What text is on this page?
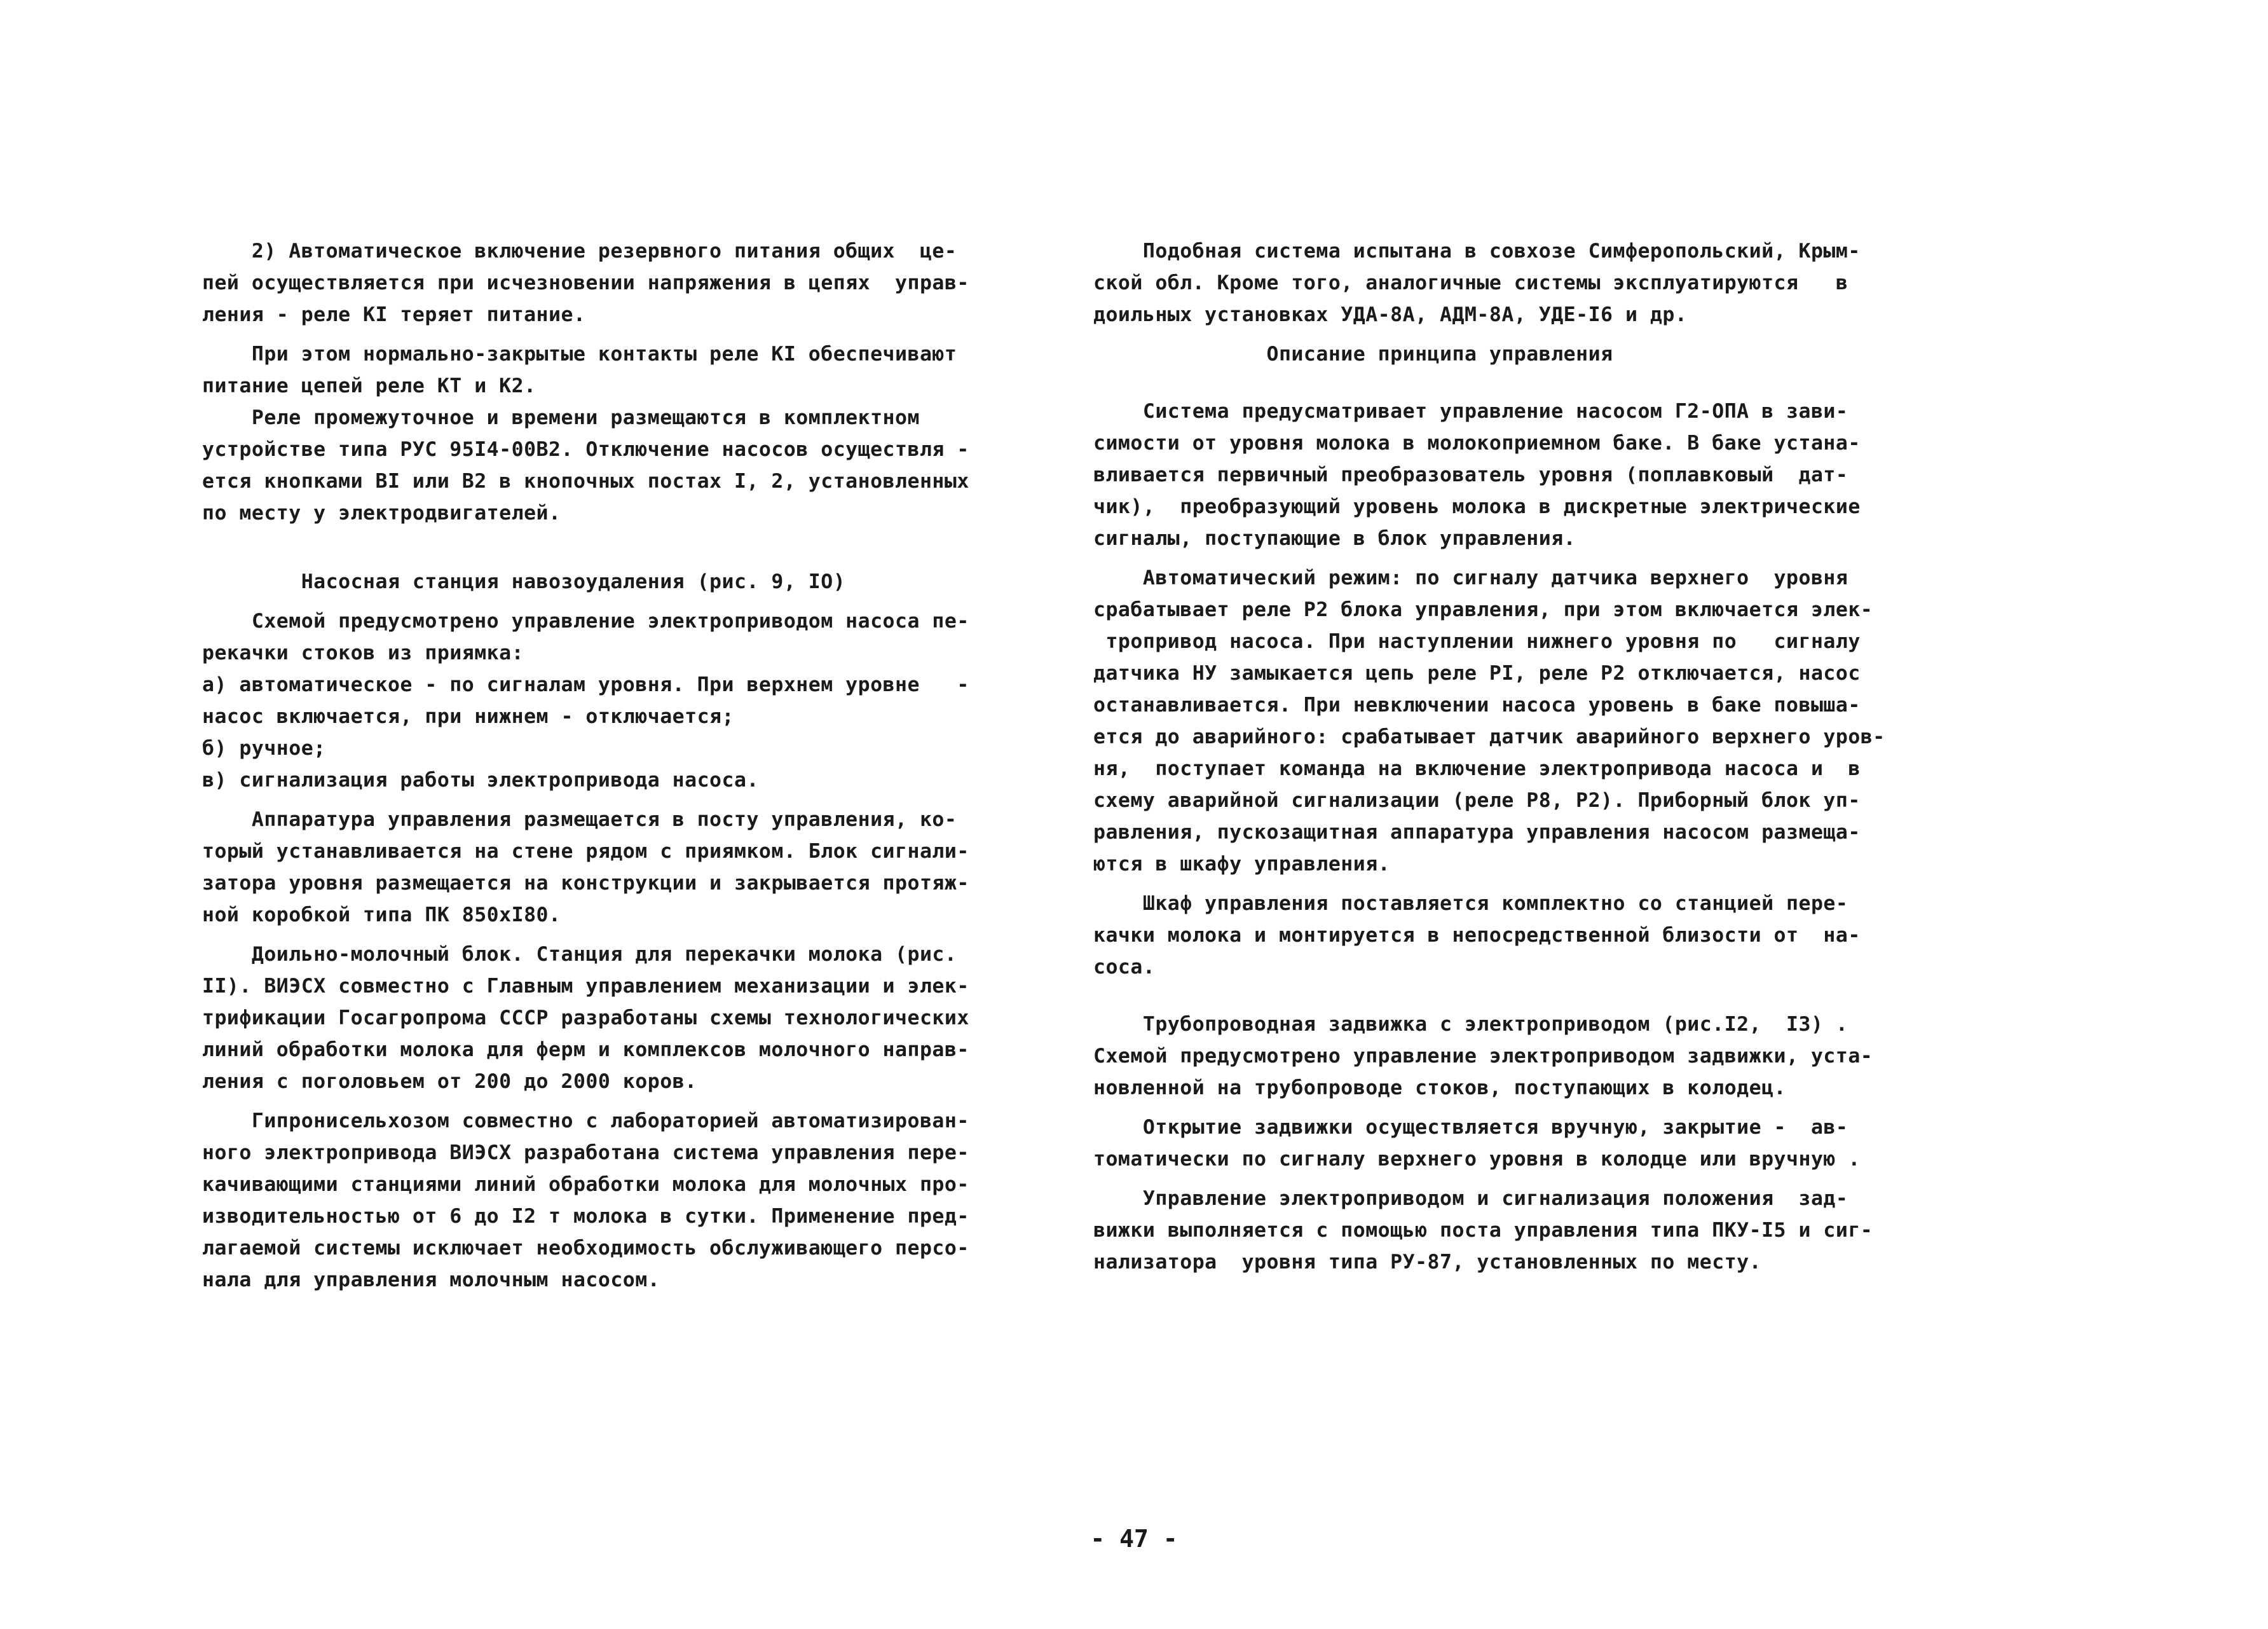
2) Автоматическое включение резервного питания общих  це-
пей осуществляется при исчезновении напряжения в цепях  управ-
ления - реле КI теряет питание.
При этом нормально-закрытые контакты реле КI обеспечивают
питание цепей реле КТ и К2.
Реле промежуточное и времени размещаются в комплектном
устройстве типа РУС 95I4-00В2. Отключение насосов осуществля -
ется кнопками ВI или В2 в кнопочных постах I, 2, установленных
по месту у электродвигателей.
Насосная станция навозоудаления (рис. 9, IO)
Схемой предусмотрено управление электроприводом насоса пе-
рекачки стоков из приямка:
а) автоматическое - по сигналам уровня. При верхнем уровне   -
насос включается, при нижнем - отключается;
б) ручное;
в) сигнализация работы электропривода насоса.
Аппаратура управления размещается в посту управления, ко-
торый устанавливается на стене рядом с приямком. Блок сигнали-
затора уровня размещается на конструкции и закрывается протяж-
ной коробкой типа ПК 850хI80.
Доильно-молочный блок. Станция для перекачки молока (рис.
II). ВИЭСХ совместно с Главным управлением механизации и элек-
трификации Госагропрома СССР разработаны схемы технологических
линий обработки молока для ферм и комплексов молочного направ-
ления с поголовьем от 200 до 2000 коров.
Гипронисельхозом совместно с лабораторией автоматизирован-
ного электропривода ВИЭСХ разработана система управления пере-
качивающими станциями линий обработки молока для молочных про-
изводительностью от 6 до I2 т молока в сутки. Применение пред-
лагаемой системы исключает необходимость обслуживающего персо-
нала для управления молочным насосом.
Подобная система испытана в совхозе Симферопольский, Крым-
ской обл. Кроме того, аналогичные системы эксплуатируются   в
доильных установках УДА-8А, АДМ-8А, УДЕ-I6 и др.
Описание принципа управления
Система предусматривает управление насосом Г2-ОПА в зави-
симости от уровня молока в молокоприемном баке. В баке устана-
вливается первичный преобразователь уровня (поплавковый  дат-
чик),  преобразующий уровень молока в дискретные электрические
сигналы, поступающие в блок управления.
Автоматический режим: по сигналу датчика верхнего  уровня
срабатывает реле Р2 блока управления, при этом включается элек-
тропривод насоса. При наступлении нижнего уровня по   сигналу
датчика НУ замыкается цепь реле РI, реле Р2 отключается, насос
останавливается. При невключении насоса уровень в баке повыша-
ется до аварийного: срабатывает датчик аварийного верхнего уров-
ня,  поступает команда на включение электропривода насоса и  в
схему аварийной сигнализации (реле Р8, Р2). Приборный блок уп-
равления, пускозащитная аппаратура управления насосом размеща-
ются в шкафу управления.
Шкаф управления поставляется комплектно со станцией пере-
качки молока и монтируется в непосредственной близости от  на-
соса.
Трубопроводная задвижка с электроприводом (рис.I2,  I3) .
Схемой предусмотрено управление электроприводом задвижки, уста-
новленной на трубопроводе стоков, поступающих в колодец.
Открытие задвижки осуществляется вручную, закрытие -  ав-
томатически по сигналу верхнего уровня в колодце или вручную .
Управление электроприводом и сигнализация положения  зад-
вижки выполняется с помощью поста управления типа ПКУ-I5 и сиг-
нализатора  уровня типа РУ-87, установленных по месту.
- 47 -
